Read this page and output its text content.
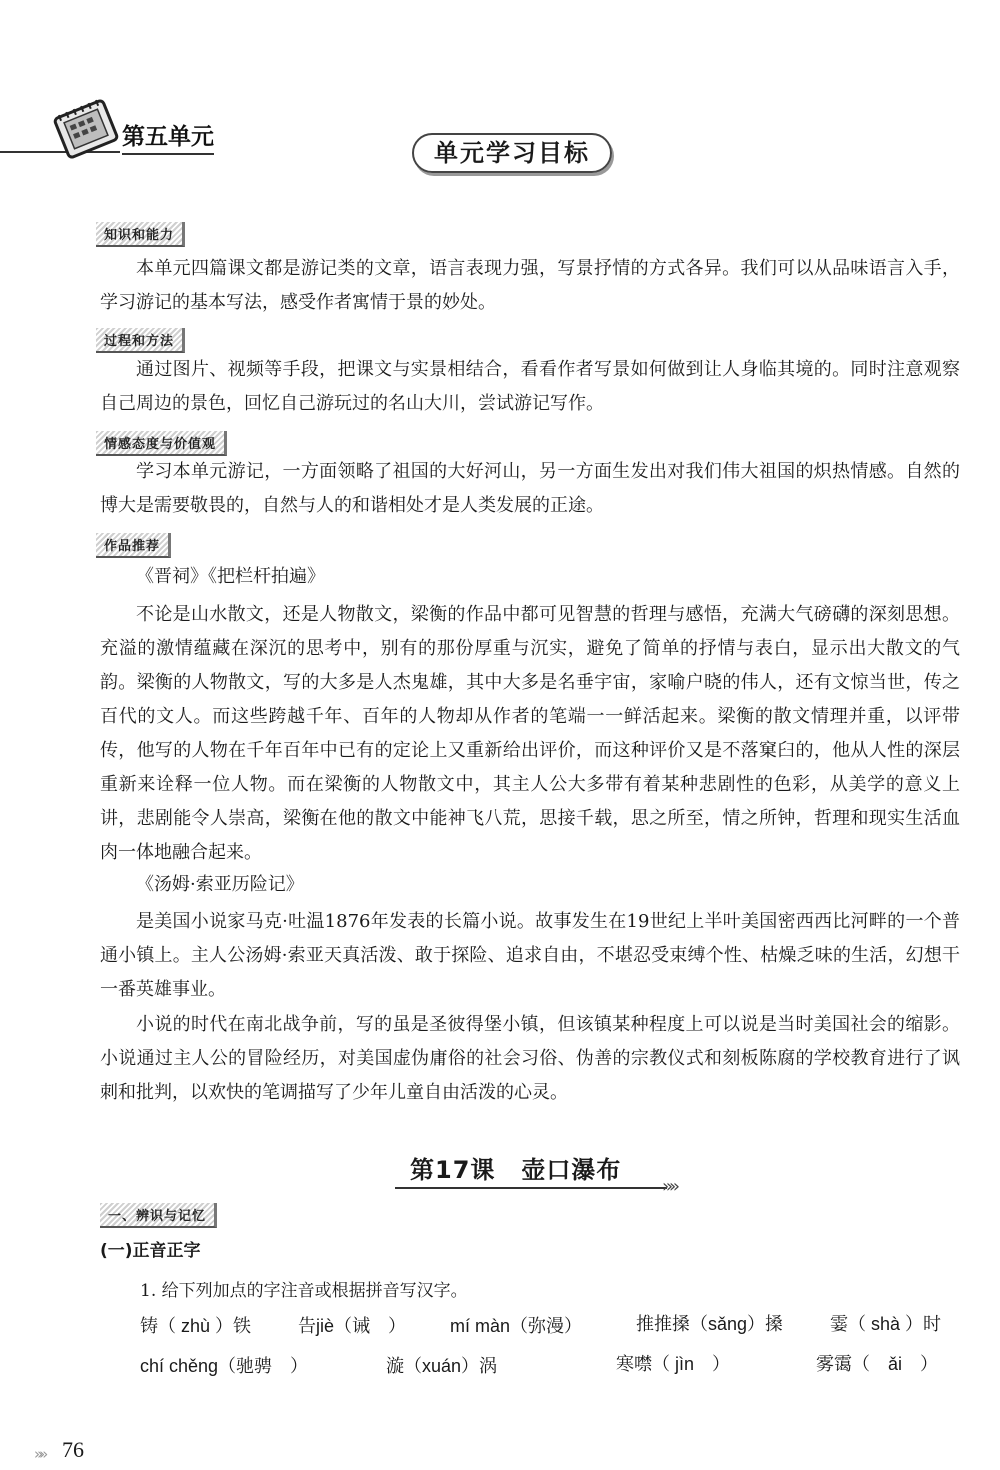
第五单元
单元学习目标
知识和能力

本单元四篇课文都是游记类的文章，语言表现力强，写景抒情的方式各异。我们可以从品味语言入手，学习游记的基本写法，感受作者寓情于景的妙处。

过程和方法

通过图片、视频等手段，把课文与实景相结合，看看作者写景如何做到让人身临其境的。同时注意观察自己周边的景色，回忆自己游玩过的名山大川，尝试游记写作。

情感态度与价值观

学习本单元游记，一方面领略了祖国的大好河山，另一方面生发出对我们伟大祖国的炽热情感。自然的博大是需要敬畏的，自然与人的和谐相处才是人类发展的正途。

作品推荐
《晋祠》《把栏杆拍遍》

不论是山水散文，还是人物散文，梁衡的作品中都可见智慧的哲理与感悟，充满大气磅礴的深刻思想。充溢的激情蕴藏在深沉的思考中，别有的那份厚重与沉实，避免了简单的抒情与表白，显示出大散文的气韵。梁衡的人物散文，写的大多是人杰鬼雄，其中大多是名垂宇宙，家喻户晓的伟人，还有文惊当世，传之百代的文人。而这些跨越千年、百年的人物却从作者的笔端一一鲜活起来。梁衡的散文情理并重，以评带传，他写的人物在千年百年中已有的定论上又重新给出评价，而这种评价又是不落窠臼的，他从人性的深层重新来诠释一位人物。而在梁衡的人物散文中，其主人公大多带有着某种悲剧性的色彩，从美学的意义上讲，悲剧能令人崇高，梁衡在他的散文中能神飞八荒，思接千载，思之所至，情之所钟，哲理和现实生活血肉一体地融合起来。

《汤姆·索亚历险记》

是美国小说家马克·吐温1876年发表的长篇小说。故事发生在19世纪上半叶美国密西西比河畔的一个普通小镇上。主人公汤姆·索亚天真活泼、敢于探险、追求自由，不堪忍受束缚个性、枯燥乏味的生活，幻想干一番英雄事业。

小说的时代在南北战争前，写的虽是圣彼得堡小镇，但该镇某种程度上可以说是当时美国社会的缩影。小说通过主人公的冒险经历，对美国虚伪庸俗的社会习俗、伪善的宗教仪式和刻板陈腐的学校教育进行了讽刺和批判，以欢快的笔调描写了少年儿童自由活泼的心灵。

第17课 壶口瀑布
»»
一、辨识与记忆
(一)正音正字
1. 给下列加点的字注音或根据拼音写汉字。
铸（ zhù ）铁	告jiè（诫　） mí màn（弥漫）	推推搡（sǎng）搡	霎（ shà ）时
chí chěng（驰骋　）	漩（xuán）涡	寒噤（ jìn　）	雾霭（　ǎi　）
»» 76
